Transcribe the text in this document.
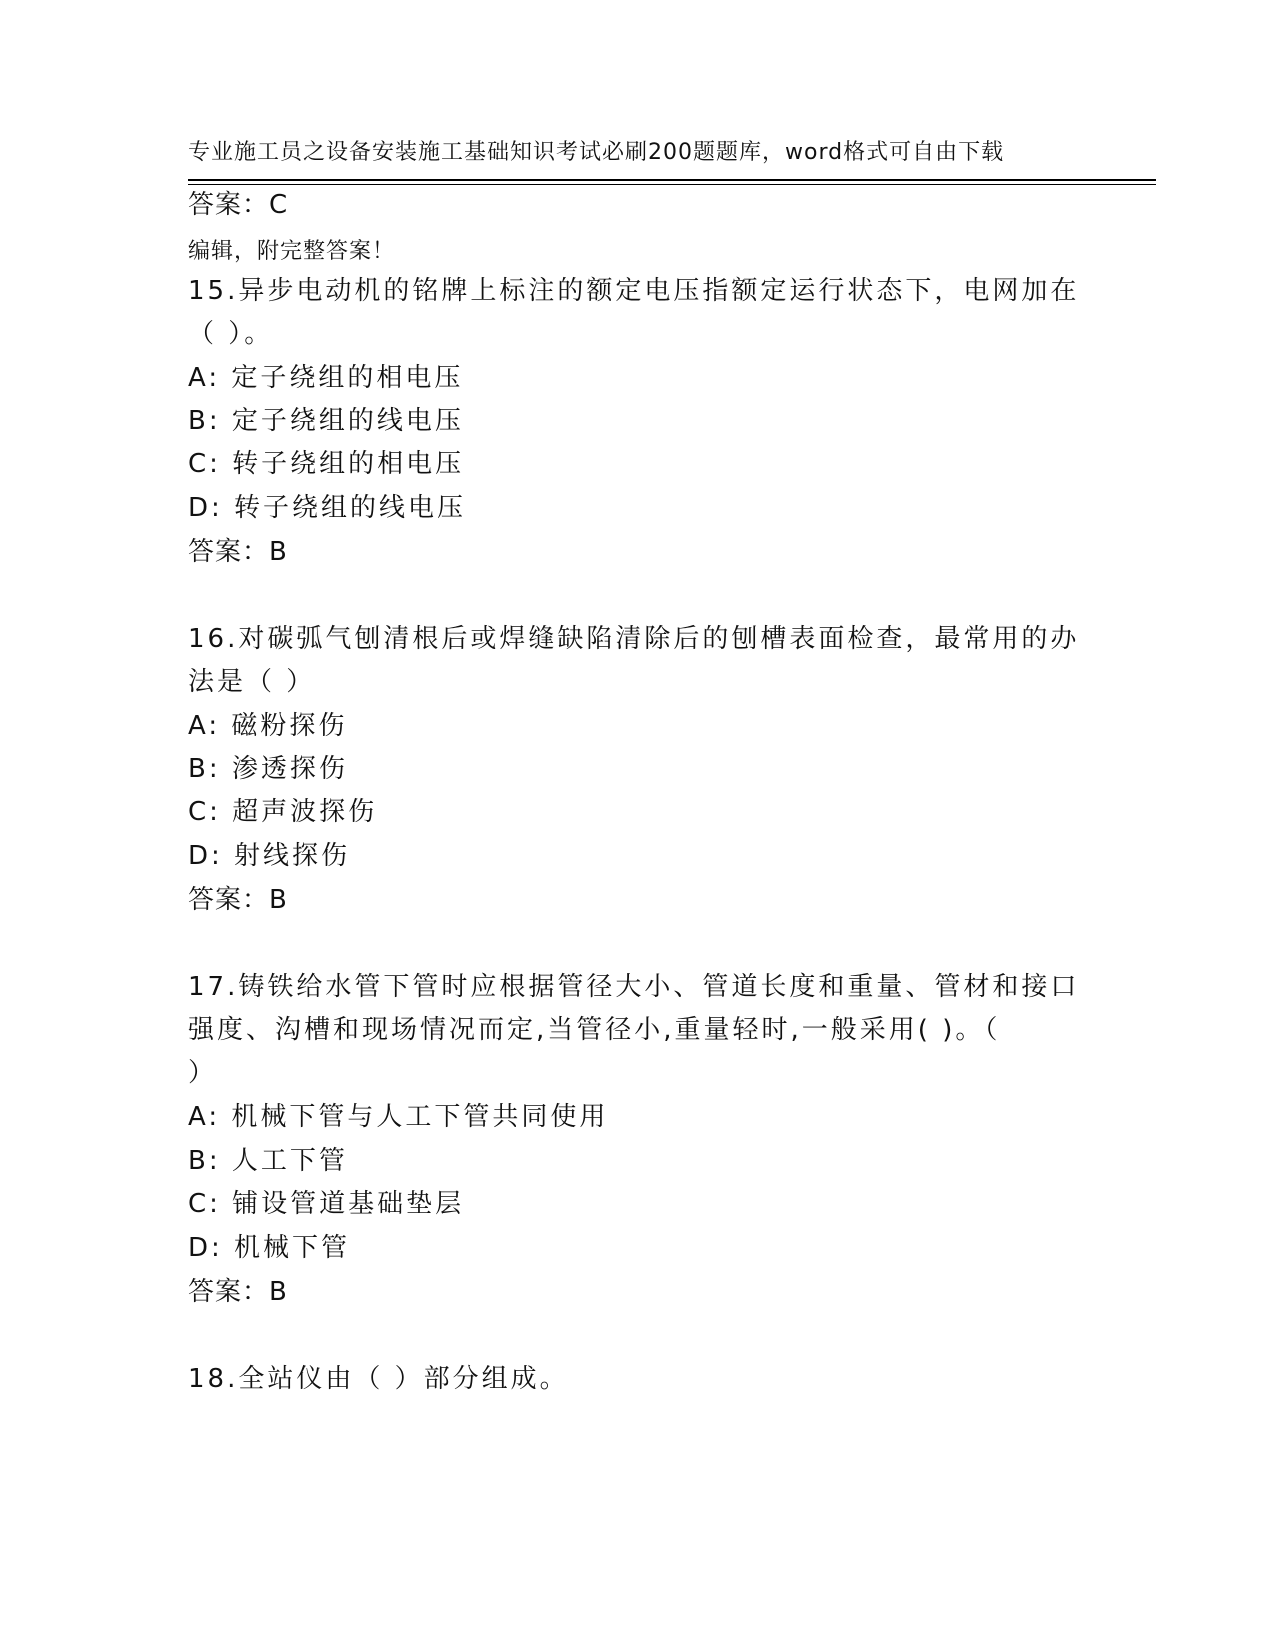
专业施工员之设备安装施工基础知识考试必刷200题题库，word格式可自由下载

编辑，附完整答案！

答案：C
15.异步电动机的铭牌上标注的额定电压指额定运行状态下，电网加在
（ ）。
A: 定子绕组的相电压
B: 定子绕组的线电压
C: 转子绕组的相电压
D: 转子绕组的线电压
答案：B
16.对碳弧气刨清根后或焊缝缺陷清除后的刨槽表面检查，最常用的办
法是（ ）
A: 磁粉探伤
B: 渗透探伤
C: 超声波探伤
D: 射线探伤
答案：B
17.铸铁给水管下管时应根据管径大小、管道长度和重量、管材和接口
强度、沟槽和现场情况而定,当管径小,重量轻时,一般采用( )。（
）
A: 机械下管与人工下管共同使用
B: 人工下管
C: 铺设管道基础垫层
D: 机械下管
答案：B
18.全站仪由（ ）部分组成。
